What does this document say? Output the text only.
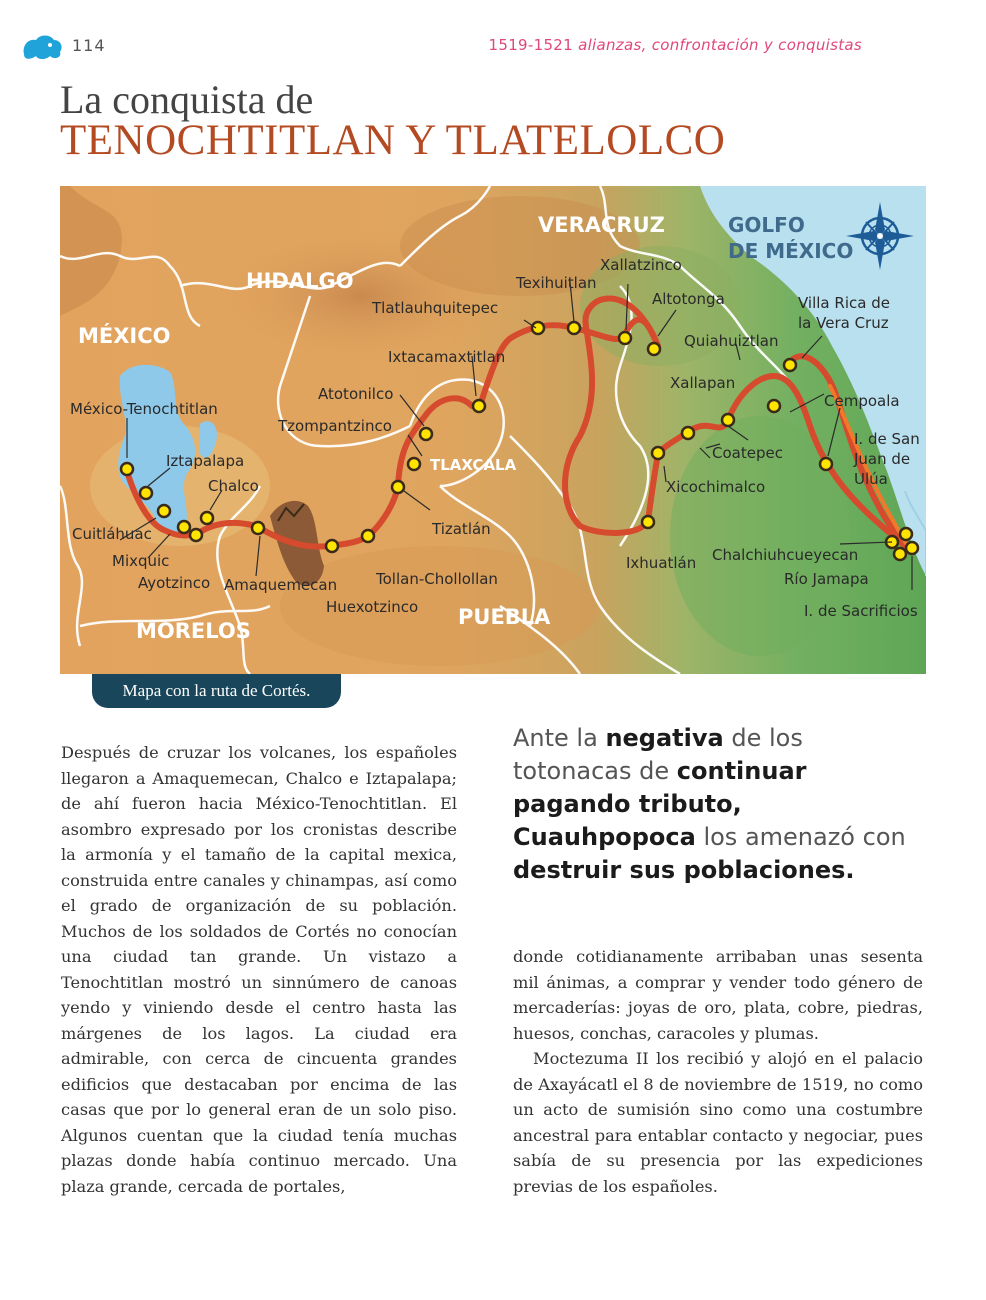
114	1519-1521 alianzas, confrontación y conquistas
La conquista de
TENOCHTITLAN Y TLATELOLCO
VERACRUZ
HIDALGO
MÉXICO
PUEBLA
MORELOS
TLAXCALA
GOLFO
DE MÉXICO
Texihuitlan
Xallatzinco
Altotonga
Tlatlauhquitepec	Villa Rica de
la Vera Cruz
Quiahuiztlan
Ixtacamaxtitlan
Xallapan
Atotonilco	Cempoala
México-Tenochtitlan
Tzompantzinco
I. de San
Juan de
Ulúa
Iztapalapa	Coatepec
Chalco	Xicochimalco
Tizatlán
Cuitláhuac
Chalchiuhcueyecan
Ixhuatlán
Mixquic
Río Jamapa
Ayotzinco Amaquemecan	Tollan-Chollollan
Huexotzinco	I. de Sacrificios
Mapa con la ruta de Cortés.
Después de cruzar los volcanes, los españoles llegaron a Amaquemecan, Chalco e Iztapalapa; de ahí fueron hacia México-Tenochtitlan. El asombro expresado por los cronistas describe la armonía y el tamaño de la capital mexica, construida entre canales y chinampas, así como el grado de organización de su población. Muchos de los soldados de Cortés no conocían una ciudad tan grande. Un vistazo a Tenochtitlan mostró un sinnúmero de canoas yendo y viniendo desde el centro hasta las márgenes de los lagos. La ciudad era admirable, con cerca de cincuenta grandes edificios que destacaban por encima de las casas que por lo general eran de un solo piso. Algunos cuentan que la ciudad tenía muchas plazas donde había continuo mercado. Una plaza grande, cercada de portales,
Ante la negativa de los totonacas de continuar pagando tributo, Cuauhpopoca los amenazó con destruir sus poblaciones.

donde cotidianamente arribaban unas sesenta mil ánimas, a comprar y vender todo género de mercaderías: joyas de oro, plata, cobre, piedras, huesos, conchas, caracoles y plumas.

Moctezuma II los recibió y alojó en el palacio de Axayácatl el 8 de noviembre de 1519, no como un acto de sumisión sino como una costumbre ancestral para entablar contacto y negociar, pues sabía de su presencia por las expediciones previas de los españoles.
